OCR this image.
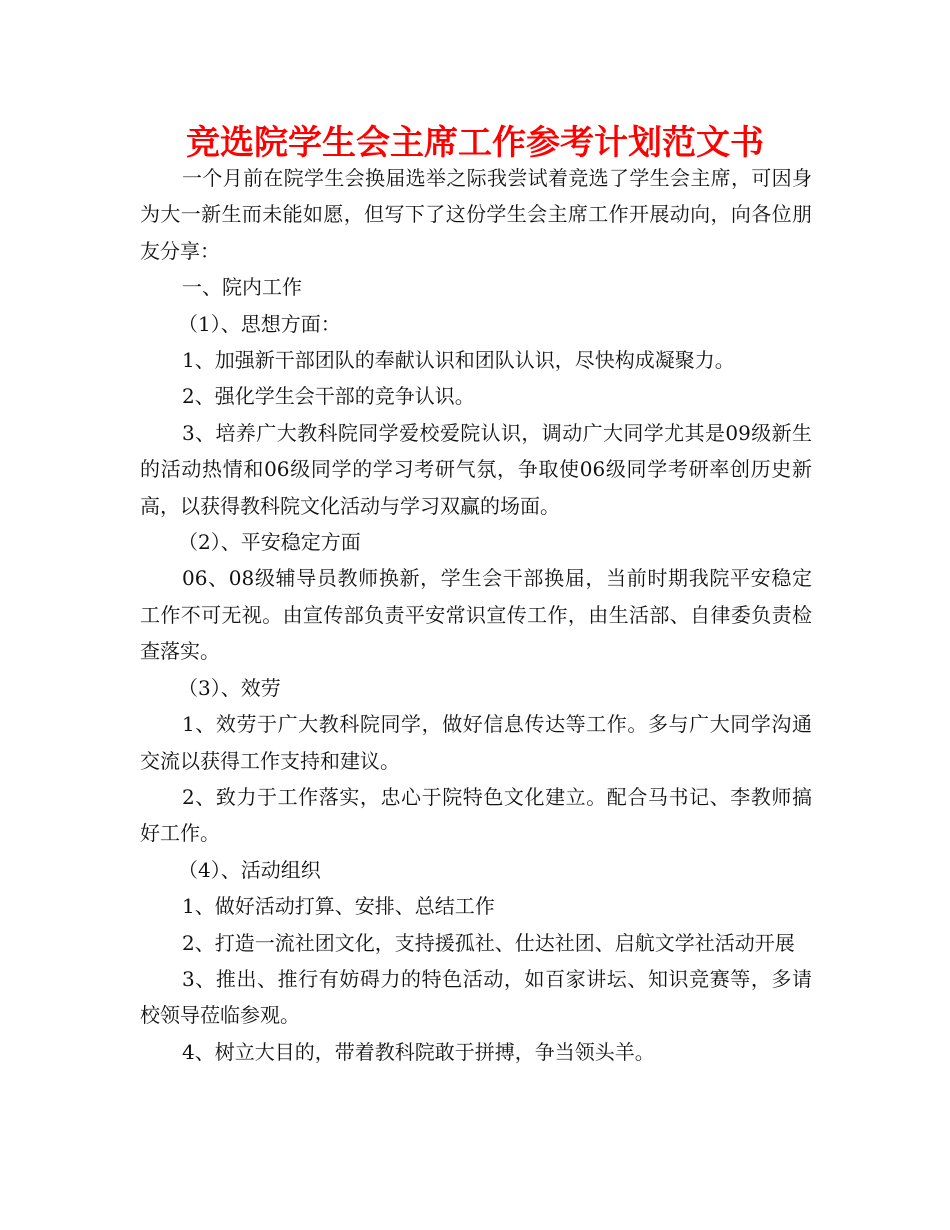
竞选院学生会主席工作参考计划范文书

一个月前在院学生会换届选举之际我尝试着竞选了学生会主席，可因身为大一新生而未能如愿，但写下了这份学生会主席工作开展动向，向各位朋友分享：

一、院内工作

（1）、思想方面：

1、加强新干部团队的奉献认识和团队认识，尽快构成凝聚力。

2、强化学生会干部的竞争认识。

3、培养广大教科院同学爱校爱院认识，调动广大同学尤其是09级新生的活动热情和06级同学的学习考研气氛，争取使06级同学考研率创历史新高，以获得教科院文化活动与学习双赢的场面。

（2）、平安稳定方面

06、08级辅导员教师换新，学生会干部换届，当前时期我院平安稳定工作不可无视。由宣传部负责平安常识宣传工作，由生活部、自律委负责检查落实。

（3）、效劳

1、效劳于广大教科院同学，做好信息传达等工作。多与广大同学沟通交流以获得工作支持和建议。

2、致力于工作落实，忠心于院特色文化建立。配合马书记、李教师搞好工作。

（4）、活动组织

1、做好活动打算、安排、总结工作

2、打造一流社团文化，支持援孤社、仕达社团、启航文学社活动开展

3、推出、推行有妨碍力的特色活动，如百家讲坛、知识竞赛等，多请校领导莅临参观。

4、树立大目的，带着教科院敢于拼搏，争当领头羊。
